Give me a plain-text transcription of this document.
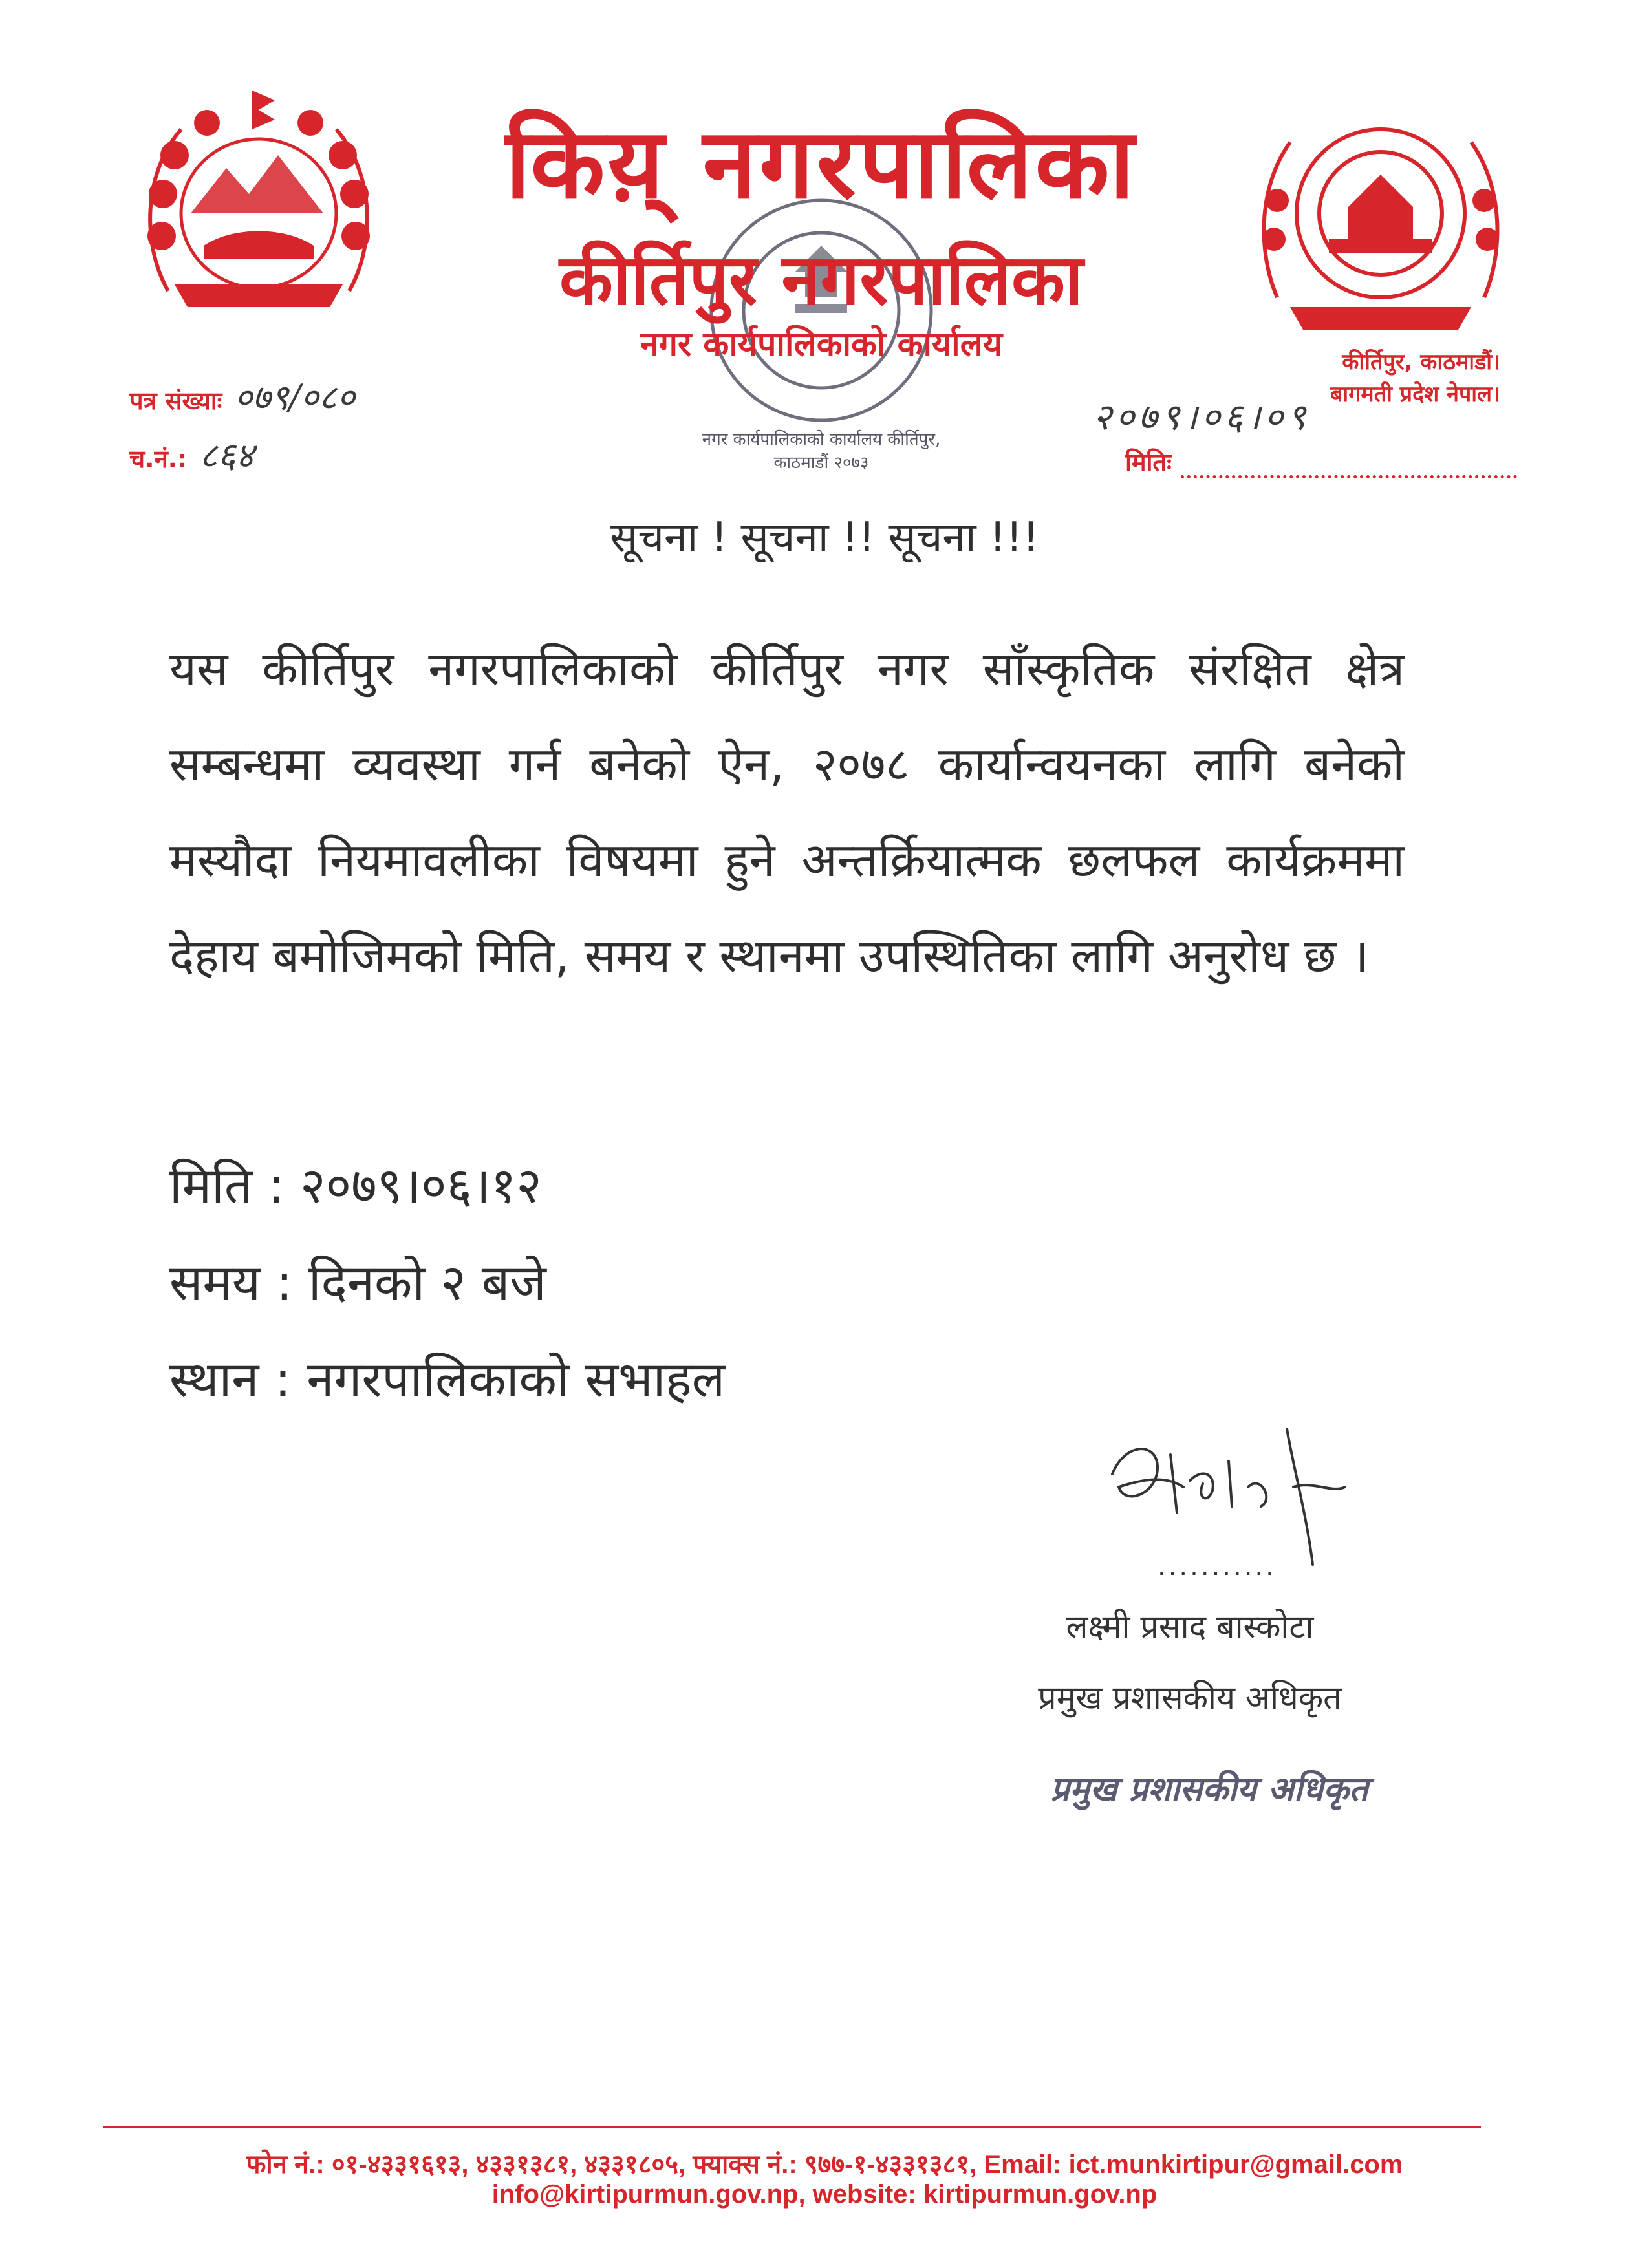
किय़् नगरपालिका
कीर्तिपुर नगरपालिका
नगर कार्यपालिकाको कार्यालय
नगर कार्यपालिकाको कार्यालय कीर्तिपुर, काठमाडौं २०७३
कीर्तिपुर, काठमाडौं।
बागमती प्रदेश नेपाल।
पत्र संख्याः ०७९/०८०
च.नं.: ८६४
२०७९।०६।०९
मितिः
सूचना ! सूचना !! सूचना !!!
यस कीर्तिपुर नगरपालिकाको कीर्तिपुर नगर साँस्कृतिक संरक्षित क्षेत्र सम्बन्धमा व्यवस्था गर्न बनेको ऐन, २०७८ कार्यान्वयनका लागि बनेको मस्यौदा नियमावलीका विषयमा हुने अन्तर्क्रियात्मक छलफल कार्यक्रममा देहाय बमोजिमको मिति, समय र स्थानमा उपस्थितिका लागि अनुरोध छ ।
मिति : २०७९।०६।१२
समय : दिनको २ बजे
स्थान : नगरपालिकाको सभाहल
...........
लक्ष्मी प्रसाद बास्कोटा
प्रमुख प्रशासकीय अधिकृत
प्रमुख प्रशासकीय अधिकृत
फोन नं.: ०१-४३३१६१३, ४३३१३८१, ४३३१८०५, फ्याक्स नं.: ९७७-१-४३३१३८१, Email: ict.munkirtipur@gmail.com
info@kirtipurmun.gov.np, website: kirtipurmun.gov.np
